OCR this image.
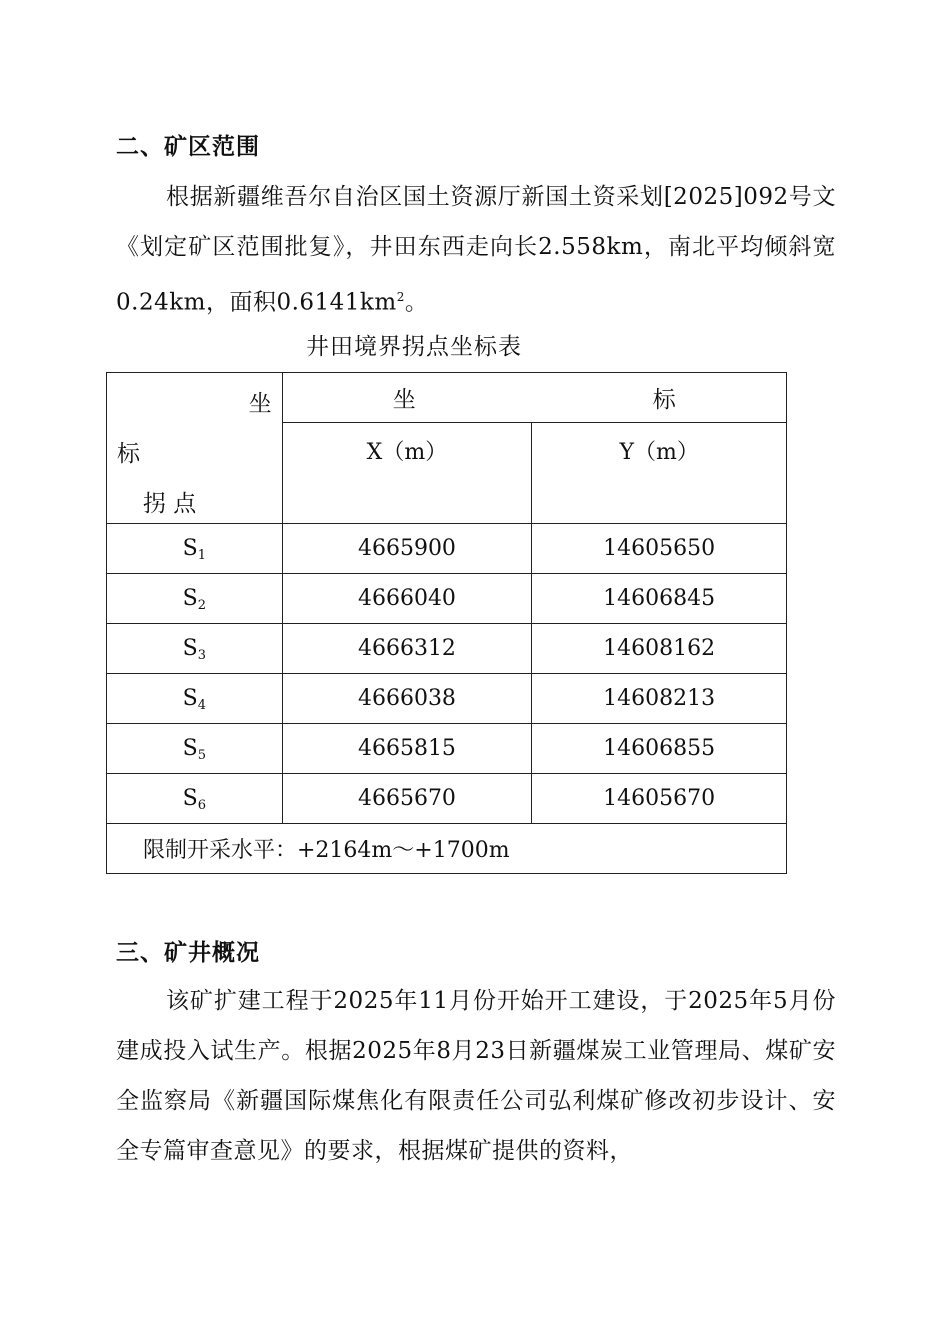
二、矿区范围
根据新疆维吾尔自治区国土资源厅新国土资采划[2025]092号文《划定矿区范围批复》，井田东西走向长2.558km，南北平均倾斜宽0.24km，面积$0.6141km^2$。
井田境界拐点坐标表
坐
标
拐 点	坐 标	
	X（m）	Y（m）

S1	4665900	14605650
S2	4666040	14606845
S3	4666312	14608162
S4	4666038	14608213
S5	4665815	14606855
S6	4665670	14605670
限制开采水平：+2164m～+1700m		
三、矿井概况
该矿扩建工程于2025年11月份开始开工建设，于2025年5月份建成投入试生产。根据2025年8月23日新疆煤炭工业管理局、煤矿安全监察局《新疆国际煤焦化有限责任公司弘利煤矿修改初步设计、安全专篇审查意见》的要求，根据煤矿提供的资料，
